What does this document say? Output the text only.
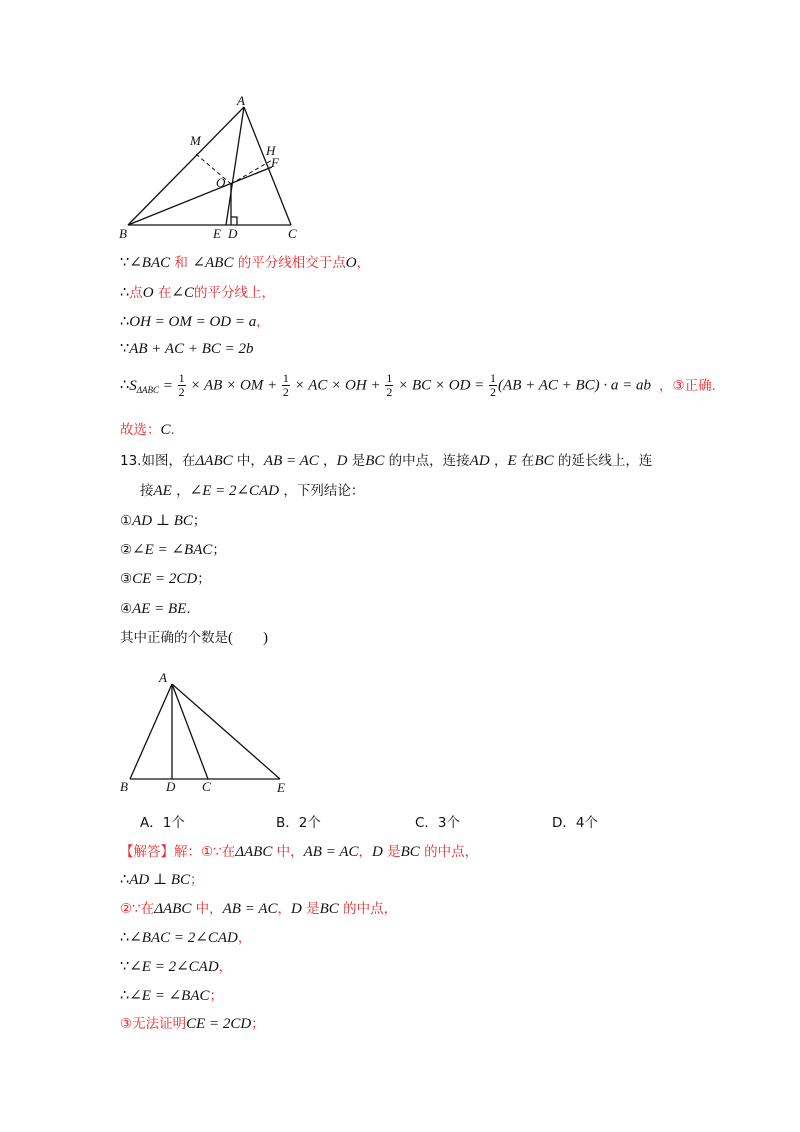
A
M
H
F
O
B	E D	C
∵∠BAC 和 ∠ABC 的平分线相交于点O，
∴点O 在∠C的平分线上，
∴OH = OM = OD = a，
∵AB + AC + BC = 2b
$\therefore S_{\Delta ABC} = \frac{1}{2}$ × AB × OM + $\frac{1}{2}$ × AC × OH + $\frac{1}{2}$ × BC × OD = $\frac{1}{2} (AB$ + AC + BC) · a = ab ，③正确.
故选：C.
13.如图，在ΔABC 中，AB = AC ，D 是BC 的中点，连接AD ，E 在BC 的延长线上，连
接AE ，∠E = 2∠CAD ，下列结论：
①AD ⊥ BC；
②∠E = ∠BAC；
③CE = 2CD；
④AE = BE.
其中正确的个数是(　　)
A
B	D C	E
A．1个	B．2个	C．3个	D．4个
【解答】解：①∵在ΔABC 中，AB = AC，D 是BC 的中点，
∴AD ⊥ BC；
②∵在ΔABC 中，AB = AC，D 是BC 的中点，
∴∠BAC = 2∠CAD，
∵∠E = 2∠CAD，
∴∠E = ∠BAC；
③无法证明CE = 2CD；
